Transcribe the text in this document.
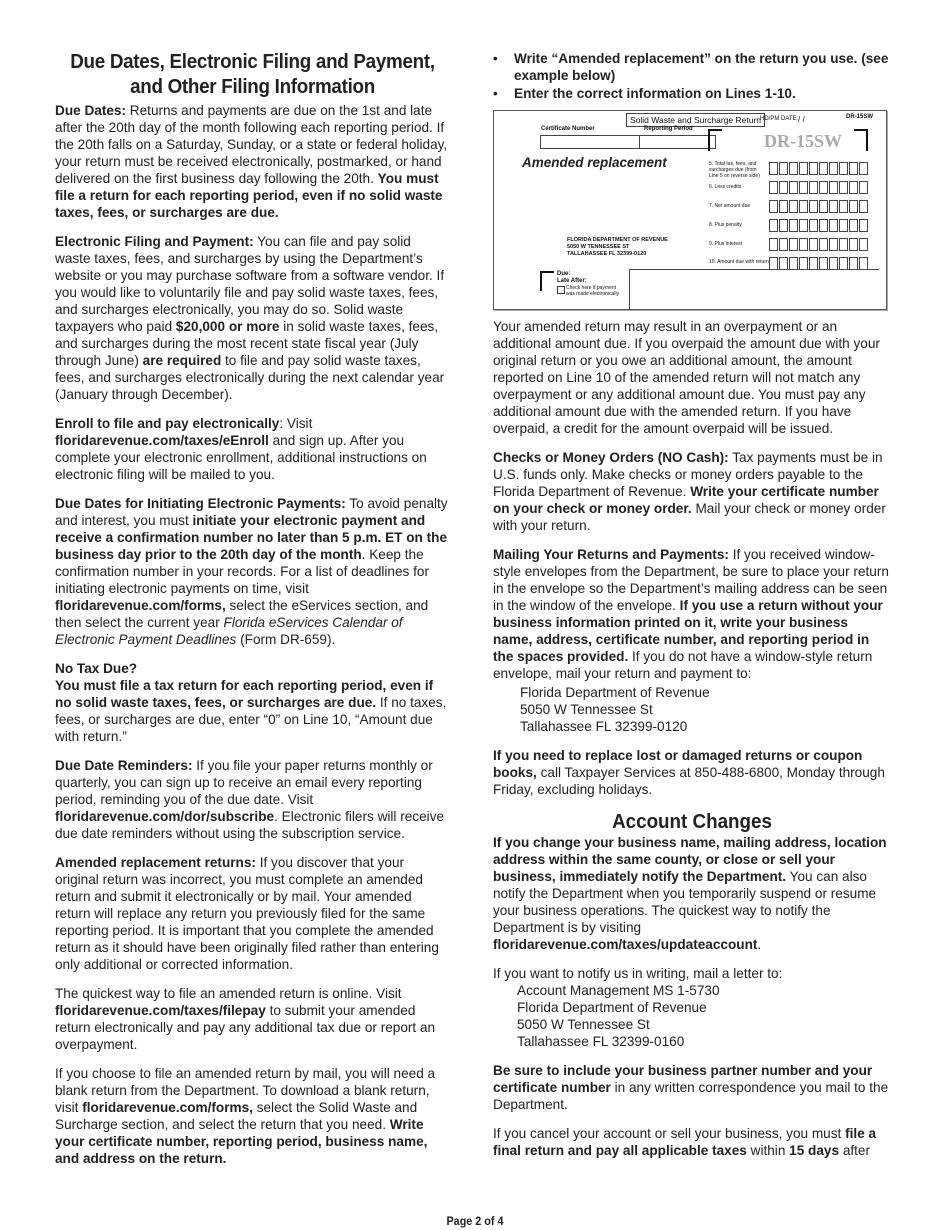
Due Dates, Electronic Filing and Payment,
and Other Filing Information

Due Dates: Returns and payments are due on the 1st and late after the 20th day of the month following each reporting period. If the 20th falls on a Saturday, Sunday, or a state or federal holiday, your return must be received electronically, postmarked, or hand delivered on the first business day following the 20th. You must file a return for each reporting period, even if no solid waste taxes, fees, or surcharges are due.

Electronic Filing and Payment: You can file and pay solid waste taxes, fees, and surcharges by using the Department’s website or you may purchase software from a software vendor. If you would like to voluntarily file and pay solid waste taxes, fees, and surcharges electronically, you may do so. Solid waste taxpayers who paid $20,000 or more in solid waste taxes, fees, and surcharges during the most recent state fiscal year (July through June) are required to file and pay solid waste taxes, fees, and surcharges electronically during the next calendar year (January through December).

Enroll to file and pay electronically: Visit floridarevenue.com/taxes/eEnroll and sign up. After you complete your electronic enrollment, additional instructions on electronic filing will be mailed to you.

Due Dates for Initiating Electronic Payments: To avoid penalty and interest, you must initiate your electronic payment and receive a confirmation number no later than 5 p.m. ET on the business day prior to the 20th day of the month. Keep the confirmation number in your records. For a list of deadlines for initiating electronic payments on time, visit floridarevenue.com/forms, select the eServices section, and then select the current year Florida eServices Calendar of Electronic Payment Deadlines (Form DR-659).

No Tax Due?
You must file a tax return for each reporting period, even if no solid waste taxes, fees, or surcharges are due. If no taxes, fees, or surcharges are due, enter “0” on Line 10, “Amount due with return.”

Due Date Reminders: If you file your paper returns monthly or quarterly, you can sign up to receive an email every reporting period, reminding you of the due date. Visit floridarevenue.com/dor/subscribe. Electronic filers will receive due date reminders without using the subscription service.

Amended replacement returns: If you discover that your original return was incorrect, you must complete an amended return and submit it electronically or by mail. Your amended return will replace any return you previously filed for the same reporting period. It is important that you complete the amended return as it should have been originally filed rather than entering only additional or corrected information.

The quickest way to file an amended return is online. Visit floridarevenue.com/taxes/filepay to submit your amended return electronically and pay any additional tax due or report an overpayment.

If you choose to file an amended return by mail, you will need a blank return from the Department. To download a blank return, visit floridarevenue.com/forms, select the Solid Waste and Surcharge section, and select the return that you need. Write your certificate number, reporting period, business name, and address on the return.

• Write “Amended replacement” on the return you use. (see example below)
• Enter the correct information on Lines 1-10.
Solid Waste and Surcharge Return
HD/PM DATE: / /	DR-15SW
Certificate Number	Reporting Period
DR-15SW
Amended replacement	5. Total tax, fees, and surcharges due (from Line 5 on reverse side)
6. Less credits
7. Net amount due
8. Plus penalty
9. Plus interest
10. Amount due with return
FLORIDA DEPARTMENT OF REVENUE
5050 W TENNESSEE ST
TALLAHASSEE FL 32399-0120
Due:
Late After:
Check here if payment was made electronically

Your amended return may result in an overpayment or an additional amount due. If you overpaid the amount due with your original return or you owe an additional amount, the amount reported on Line 10 of the amended return will not match any overpayment or any additional amount due. You must pay any additional amount due with the amended return. If you have overpaid, a credit for the amount overpaid will be issued.

Checks or Money Orders (NO Cash): Tax payments must be in U.S. funds only. Make checks or money orders payable to the Florida Department of Revenue. Write your certificate number on your check or money order. Mail your check or money order with your return.

Mailing Your Returns and Payments: If you received window-style envelopes from the Department, be sure to place your return in the envelope so the Department’s mailing address can be seen in the window of the envelope. If you use a return without your business information printed on it, write your business name, address, certificate number, and reporting period in the spaces provided. If you do not have a window-style return envelope, mail your return and payment to:

Florida Department of Revenue
5050 W Tennessee St
Tallahassee FL 32399-0120

If you need to replace lost or damaged returns or coupon books, call Taxpayer Services at 850-488-6800, Monday through Friday, excluding holidays.

Account Changes

If you change your business name, mailing address, location address within the same county, or close or sell your business, immediately notify the Department. You can also notify the Department when you temporarily suspend or resume your business operations. The quickest way to notify the Department is by visiting floridarevenue.com/taxes/updateaccount.

If you want to notify us in writing, mail a letter to:

Account Management MS 1-5730
Florida Department of Revenue
5050 W Tennessee St
Tallahassee FL 32399-0160

Be sure to include your business partner number and your certificate number in any written correspondence you mail to the Department.

If you cancel your account or sell your business, you must file a final return and pay all applicable taxes within 15 days after

Page 2 of 4
